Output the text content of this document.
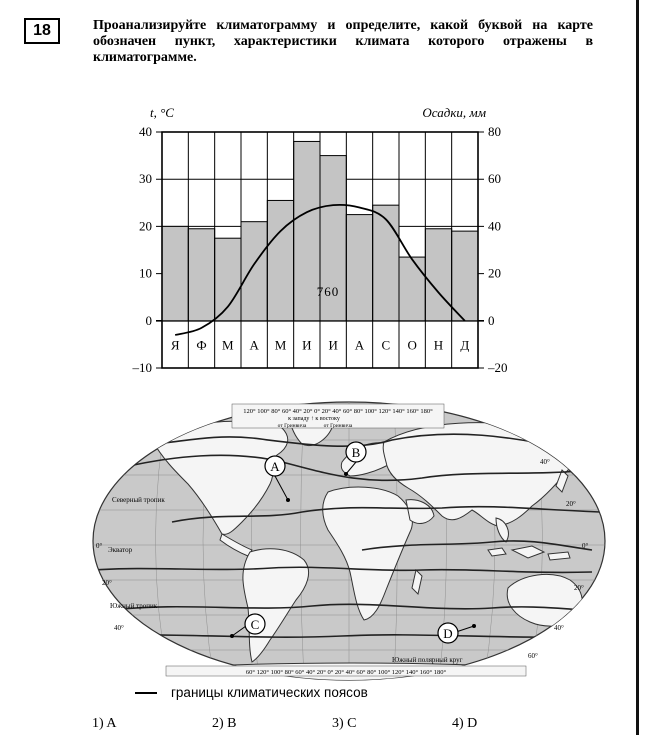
18	Проанализируйте климатограмму и определите, какой буквой на карте обозначен пункт, характеристики климата которого отражены в климатограмме.
t, °C	Осадки, мм
40
30
20
10
0
–10
80
60
40
20
0
–20
Я Ф М А М И И А С О Н Д
760
120° 100° 80° 60° 40° 20° 0° 20° 40° 60° 80° 100° 120° 140° 160° 180°
к западу ↑ к востоку
от Гринвича	от Гринвича
Северный тропик
Экватор
Южный тропик
Южный полярный круг
0°
20°
40°
40°
20°
0°
20°
40°
60°
60° 120° 100° 80° 60° 40° 20° 0° 20° 40° 60° 80° 100° 120° 140° 160° 180°
A
B
C
D
границы климатических поясов
1) A	2) B	3) C	4) D
